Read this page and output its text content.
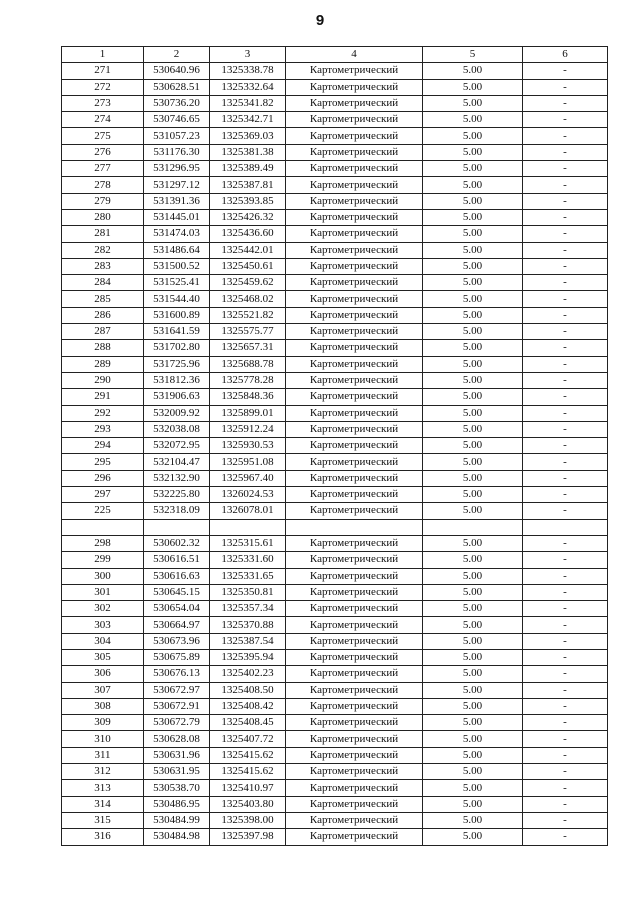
9
1	2	3	4	5	6
271	530640.96	1325338.78	Картометрический	5.00	-
272	530628.51	1325332.64	Картометрический	5.00	-
273	530736.20	1325341.82	Картометрический	5.00	-
274	530746.65	1325342.71	Картометрический	5.00	-
275	531057.23	1325369.03	Картометрический	5.00	-
276	531176.30	1325381.38	Картометрический	5.00	-
277	531296.95	1325389.49	Картометрический	5.00	-
278	531297.12	1325387.81	Картометрический	5.00	-
279	531391.36	1325393.85	Картометрический	5.00	-
280	531445.01	1325426.32	Картометрический	5.00	-
281	531474.03	1325436.60	Картометрический	5.00	-
282	531486.64	1325442.01	Картометрический	5.00	-
283	531500.52	1325450.61	Картометрический	5.00	-
284	531525.41	1325459.62	Картометрический	5.00	-
285	531544.40	1325468.02	Картометрический	5.00	-
286	531600.89	1325521.82	Картометрический	5.00	-
287	531641.59	1325575.77	Картометрический	5.00	-
288	531702.80	1325657.31	Картометрический	5.00	-
289	531725.96	1325688.78	Картометрический	5.00	-
290	531812.36	1325778.28	Картометрический	5.00	-
291	531906.63	1325848.36	Картометрический	5.00	-
292	532009.92	1325899.01	Картометрический	5.00	-
293	532038.08	1325912.24	Картометрический	5.00	-
294	532072.95	1325930.53	Картометрический	5.00	-
295	532104.47	1325951.08	Картометрический	5.00	-
296	532132.90	1325967.40	Картометрический	5.00	-
297	532225.80	1326024.53	Картометрический	5.00	-
225	532318.09	1326078.01	Картометрический	5.00	-

298	530602.32	1325315.61	Картометрический	5.00	-
299	530616.51	1325331.60	Картометрический	5.00	-
300	530616.63	1325331.65	Картометрический	5.00	-
301	530645.15	1325350.81	Картометрический	5.00	-
302	530654.04	1325357.34	Картометрический	5.00	-
303	530664.97	1325370.88	Картометрический	5.00	-
304	530673.96	1325387.54	Картометрический	5.00	-
305	530675.89	1325395.94	Картометрический	5.00	-
306	530676.13	1325402.23	Картометрический	5.00	-
307	530672.97	1325408.50	Картометрический	5.00	-
308	530672.91	1325408.42	Картометрический	5.00	-
309	530672.79	1325408.45	Картометрический	5.00	-
310	530628.08	1325407.72	Картометрический	5.00	-
311	530631.96	1325415.62	Картометрический	5.00	-
312	530631.95	1325415.62	Картометрический	5.00	-
313	530538.70	1325410.97	Картометрический	5.00	-
314	530486.95	1325403.80	Картометрический	5.00	-
315	530484.99	1325398.00	Картометрический	5.00	-
316	530484.98	1325397.98	Картометрический	5.00	-
